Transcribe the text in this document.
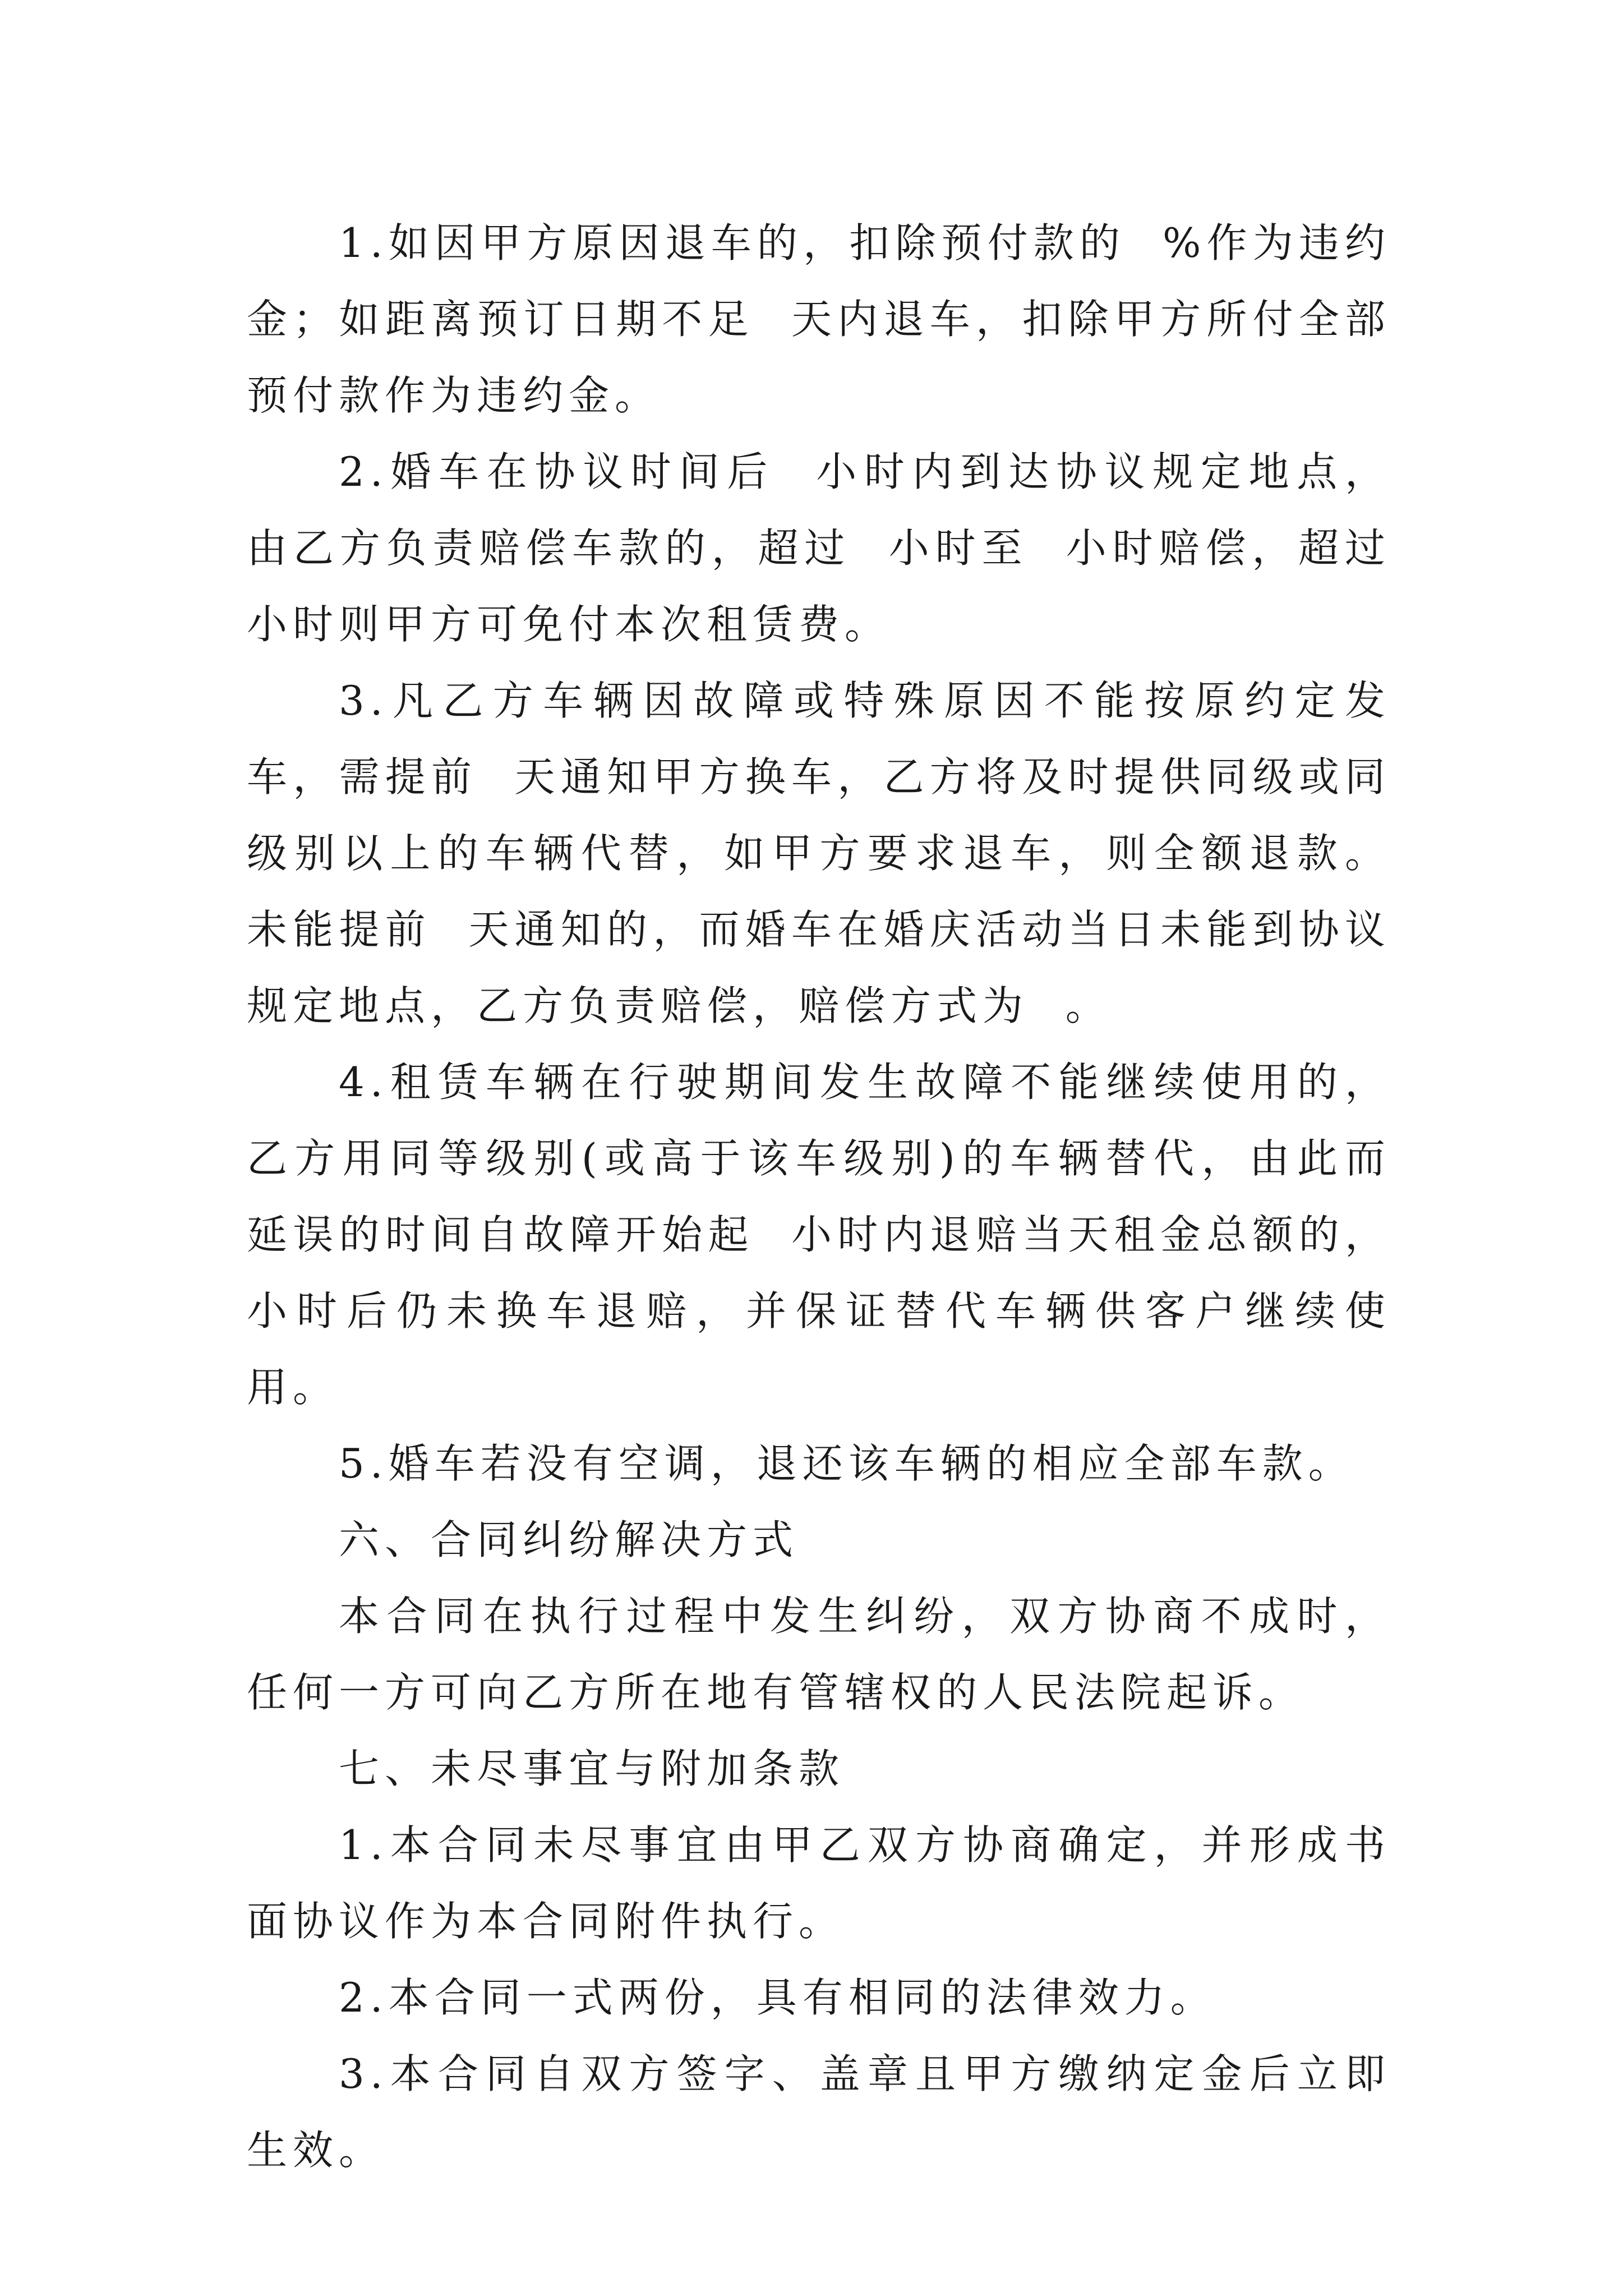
1.如因甲方原因退车的，扣除预付款的  %作为违约金；如距离预订日期不足  天内退车，扣除甲方所付全部预付款作为违约金。

2.婚车在协议时间后  小时内到达协议规定地点，由乙方负责赔偿车款的，超过  小时至  小时赔偿，超过  小时则甲方可免付本次租赁费。

3.凡乙方车辆因故障或特殊原因不能按原约定发车，需提前  天通知甲方换车，乙方将及时提供同级或同级别以上的车辆代替，如甲方要求退车，则全额退款。未能提前  天通知的，而婚车在婚庆活动当日未能到协议规定地点，乙方负责赔偿，赔偿方式为  。

4.租赁车辆在行驶期间发生故障不能继续使用的，乙方用同等级别(或高于该车级别)的车辆替代，由此而延误的时间自故障开始起  小时内退赔当天租金总额的，   小时后仍未换车退赔，并保证替代车辆供客户继续使用。

5.婚车若没有空调，退还该车辆的相应全部车款。

六、合同纠纷解决方式

本合同在执行过程中发生纠纷，双方协商不成时，任何一方可向乙方所在地有管辖权的人民法院起诉。

七、未尽事宜与附加条款

1.本合同未尽事宜由甲乙双方协商确定，并形成书面协议作为本合同附件执行。

2.本合同一式两份，具有相同的法律效力。

3.本合同自双方签字、盖章且甲方缴纳定金后立即生效。
